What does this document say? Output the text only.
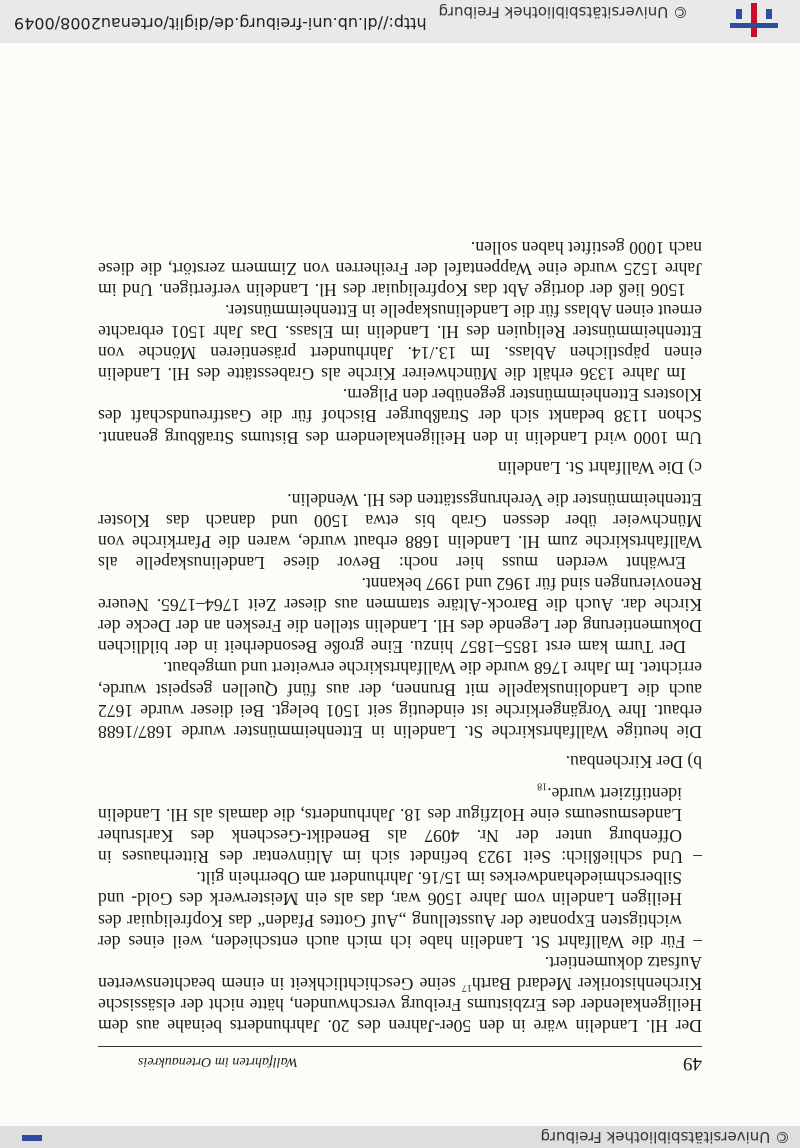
© Universitätsbibliothek Freiburg
49
Wallfahrten im Ortenaukreis

Der Hl. Landelin wäre in den 50er-Jahren des 20. Jahrhunderts beinahe aus dem Heiligenkalender des Erzbistums Freiburg verschwunden, hätte nicht der elsässische Kirchenhistoriker Medard Barth$^{17}$ seine Geschichtlichkeit in einem beachtenswerten Aufsatz dokumentiert.

– Für die Wallfahrt St. Landelin habe ich mich auch entschieden, weil eines der wichtigsten Exponate der Ausstellung „Auf Gottes Pfaden“ das Kopfreliquiar des Heiligen Landelin vom Jahre 1506 war, das als ein Meisterwerk des Gold- und Silberschmiedehandwerkes im 15/16. Jahrhundert am Oberrhein gilt.

– Und schließlich: Seit 1923 befindet sich im Altinventar des Ritterhauses in Offenburg unter der Nr. 4097 als Benedikt-Geschenk des Karlsruher Landesmuseums eine Holzfigur des 18. Jahrhunderts, die damals als Hl. Landelin identifiziert $wurde._{18}$

b) Der Kirchenbau.

Die heutige Wallfahrtskirche St. Landelin in Ettenheimmünster wurde 1687/1688 erbaut. Ihre Vorgängerkirche ist eindeutig seit 1501 belegt. Bei dieser wurde 1672 auch die Landolinuskapelle mit Brunnen, der aus fünf Quellen gespeist wurde, errichtet. Im Jahre 1768 wurde die Wallfahrtskirche erweitert und umgebaut.

Der Turm kam erst 1855–1857 hinzu. Eine große Besonderheit in der bildlichen Dokumentierung der Legende des Hl. Landelin stellen die Fresken an der Decke der Kirche dar. Auch die Barock-Altäre stammen aus dieser Zeit 1764–1765. Neuere Renovierungen sind für 1962 und 1997 bekannt.

Erwähnt werden muss hier noch: Bevor diese Landelinuskapelle als Wallfahrtskirche zum Hl. Landelin 1688 erbaut wurde, waren die Pfarrkirche von Münchweier über dessen Grab bis etwa 1500 und danach das Kloster Ettenheimmünster die Verehrungsstätten des Hl. Wendelin.

c) Die Wallfahrt St. Landelin

Um 1000 wird Landelin in den Heiligenkalendern des Bistums Straßburg genannt. Schon 1138 bedankt sich der Straßburger Bischof für die Gastfreundschaft des Klosters Ettenheimmünster gegenüber den Pilgern.

Im Jahre 1336 erhält die Münchweirer Kirche als Grabesstätte des Hl. Landelin einen päpstlichen Ablass. Im 13./14. Jahrhundert präsentieren Mönche von Ettenheimmünster Reliquien des Hl. Landelin im Elsass. Das Jahr 1501 erbrachte erneut einen Ablass für die Landelinuskapelle in Ettenheimmünster.

1506 ließ der dortige Abt das Kopfreliquiar des Hl. Landelin verfertigen. Und im Jahre 1525 wurde eine Wappentafel der Freiherren von Zimmern zerstört, die diese nach 1000 gestiftet haben sollen.

© Universitätsbibliothek Freiburg
http://dl.ub.uni-freiburg.de/diglit/ortenau2008/0049
